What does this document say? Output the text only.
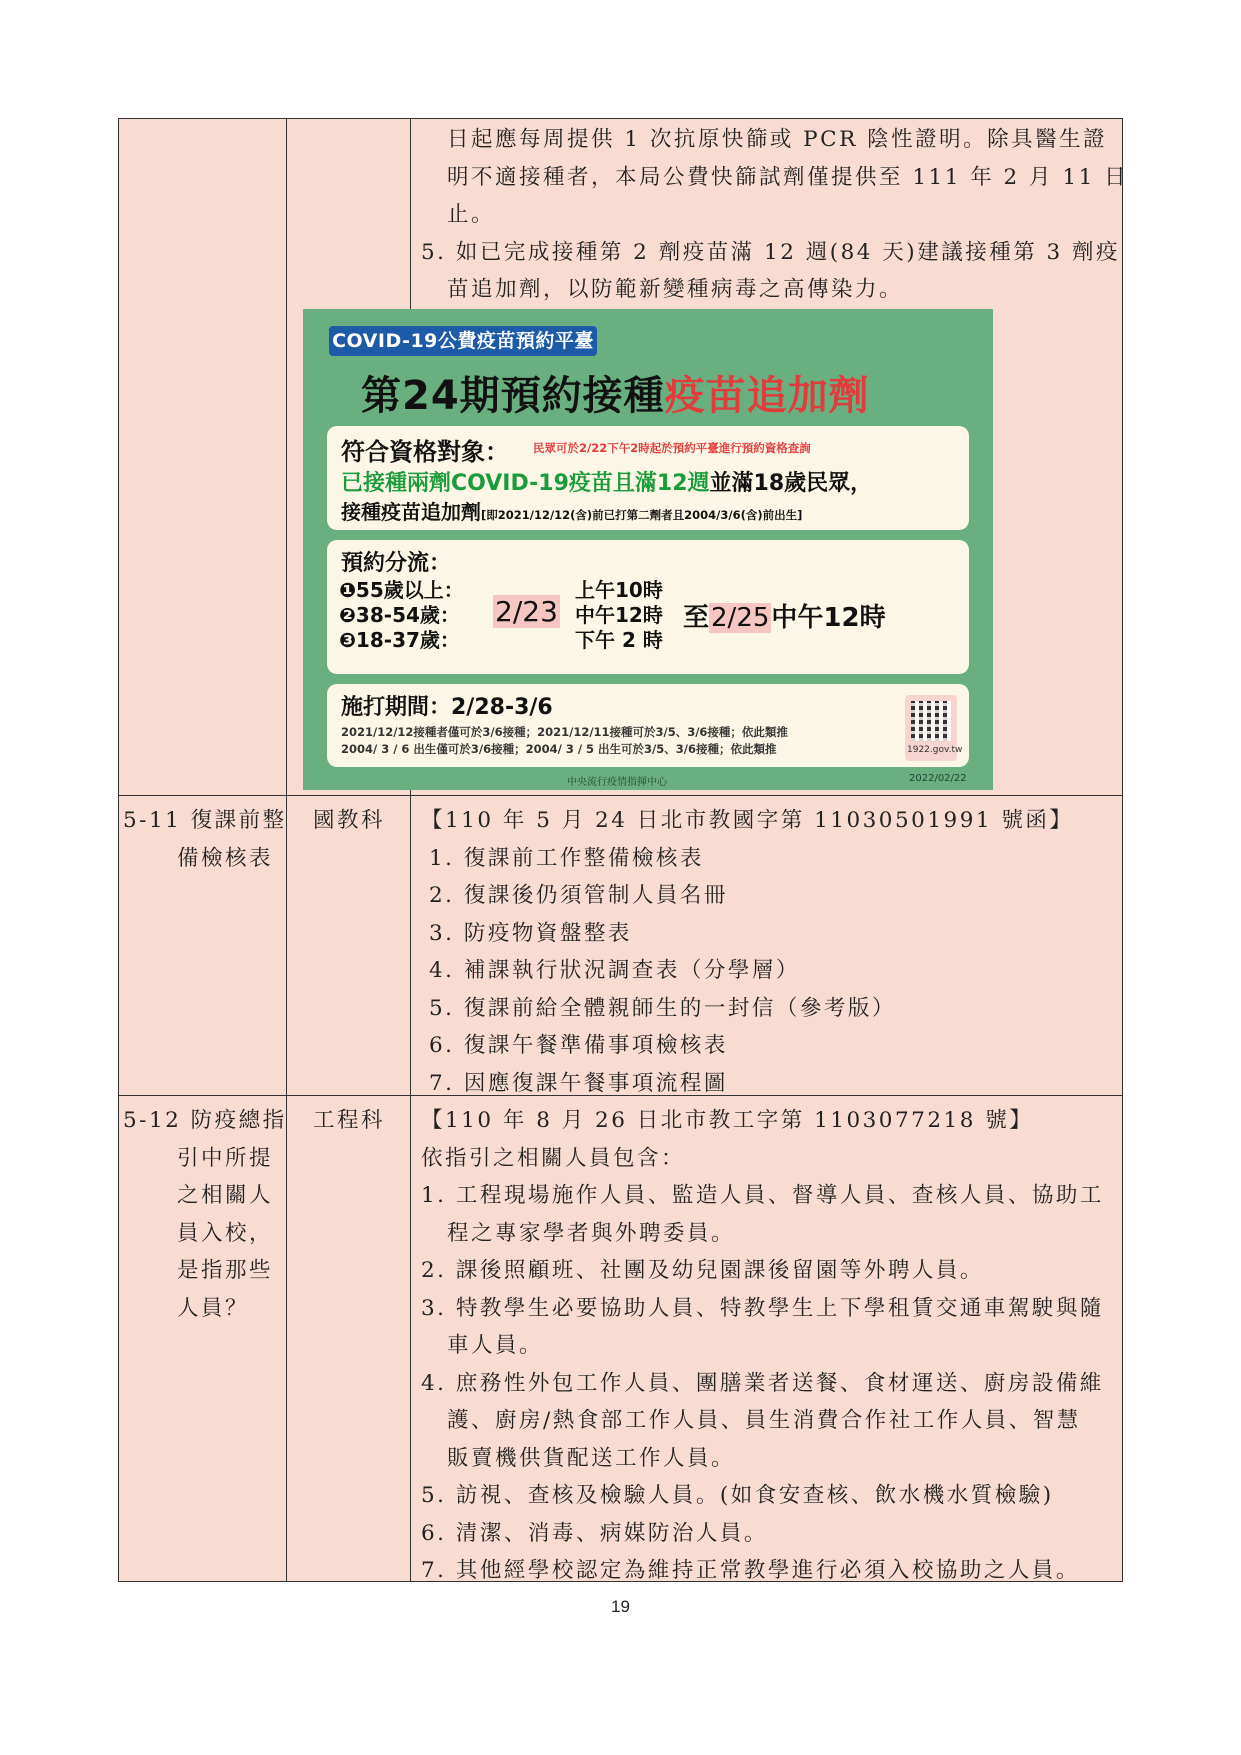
日起應每周提供 1 次抗原快篩或 PCR 陰性證明。除具醫生證
明不適接種者，本局公費快篩試劑僅提供至 111 年 2 月 11 日
止。
5. 如已完成接種第 2 劑疫苗滿 12 週(84 天)建議接種第 3 劑疫
苗追加劑，以防範新變種病毒之高傳染力。
5-11 復課前整
備檢核表
國教科 【110 年 5 月 24 日北市教國字第 11030501991 號函】
1. 復課前工作整備檢核表
2. 復課後仍須管制人員名冊
3. 防疫物資盤整表
4. 補課執行狀況調查表（分學層）
5. 復課前給全體親師生的一封信（參考版）
6. 復課午餐準備事項檢核表
7. 因應復課午餐事項流程圖
5-12 防疫總指
引中所提
之相關人
員入校，
是指那些
人員？
工程科 【110 年 8 月 26 日北市教工字第 1103077218 號】
依指引之相關人員包含：
1. 工程現場施作人員、監造人員、督導人員、查核人員、協助工
程之專家學者與外聘委員。
2. 課後照顧班、社團及幼兒園課後留園等外聘人員。
3. 特教學生必要協助人員、特教學生上下學租賃交通車駕駛與隨
車人員。
4. 庶務性外包工作人員、團膳業者送餐、食材運送、廚房設備維
護、廚房/熱食部工作人員、員生消費合作社工作人員、智慧
販賣機供貨配送工作人員。
5. 訪視、查核及檢驗人員。(如食安查核、飲水機水質檢驗)
6. 清潔、消毒、病媒防治人員。
7. 其他經學校認定為維持正常教學進行必須入校協助之人員。
COVID-19公費疫苗預約平臺
第24期預約接種疫苗追加劑
符合資格對象： 民眾可於2/22下午2時起於預約平臺進行預約資格查詢
已接種兩劑COVID-19疫苗且滿12週並滿18歲民眾，
接種疫苗追加劑[即2021/12/12(含)前已打第二劑者且2004/3/6(含)前出生]
預約分流：
❶55歲以上：
❷38-54歲：
❸18-37歲：
2/23
上午10時
中午12時
下午 2 時
至2/25中午12時
施打期間：2/28-3/6
2021/12/12接種者僅可於3/6接種；2021/12/11接種可於3/5、3/6接種；依此類推
2004/ 3 / 6 出生僅可於3/6接種；2004/ 3 / 5 出生可於3/5、3/6接種；依此類推	1922.gov.tw
中央流行疫情指揮中心	2022/02/22
19
